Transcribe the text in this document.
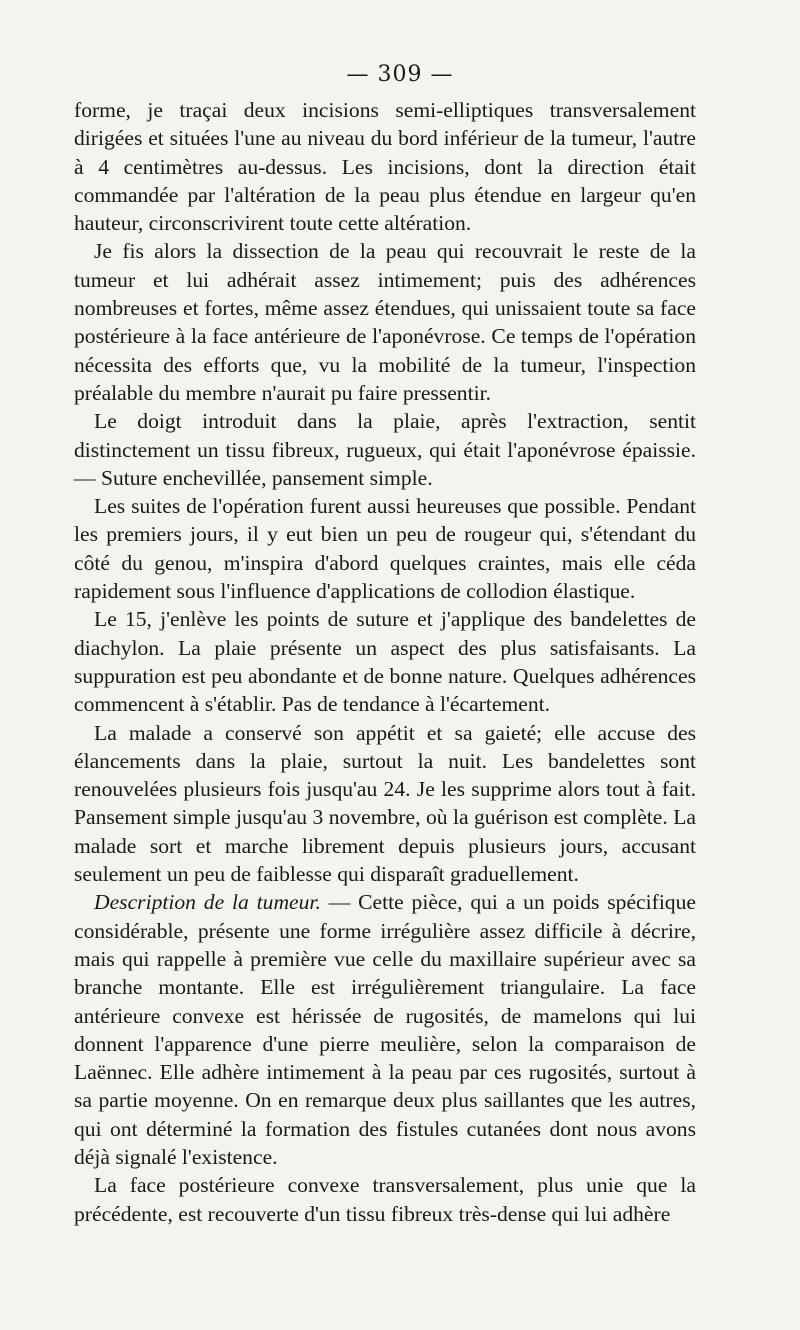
— 309 —

forme, je traçai deux incisions semi-elliptiques transversalement dirigées et situées l'une au niveau du bord inférieur de la tumeur, l'autre à 4 centimètres au-dessus. Les incisions, dont la direction était commandée par l'altération de la peau plus étendue en largeur qu'en hauteur, circonscrivirent toute cette altération.

Je fis alors la dissection de la peau qui recouvrait le reste de la tumeur et lui adhérait assez intimement; puis des adhérences nombreuses et fortes, même assez étendues, qui unissaient toute sa face postérieure à la face antérieure de l'aponévrose. Ce temps de l'opération nécessita des efforts que, vu la mobilité de la tumeur, l'inspection préalable du membre n'aurait pu faire pressentir.

Le doigt introduit dans la plaie, après l'extraction, sentit distinctement un tissu fibreux, rugueux, qui était l'aponévrose épaissie. — Suture enchevillée, pansement simple.

Les suites de l'opération furent aussi heureuses que possible. Pendant les premiers jours, il y eut bien un peu de rougeur qui, s'étendant du côté du genou, m'inspira d'abord quelques craintes, mais elle céda rapidement sous l'influence d'applications de collodion élastique.

Le 15, j'enlève les points de suture et j'applique des bandelettes de diachylon. La plaie présente un aspect des plus satisfaisants. La suppuration est peu abondante et de bonne nature. Quelques adhérences commencent à s'établir. Pas de tendance à l'écartement.

La malade a conservé son appétit et sa gaieté; elle accuse des élancements dans la plaie, surtout la nuit. Les bandelettes sont renouvelées plusieurs fois jusqu'au 24. Je les supprime alors tout à fait. Pansement simple jusqu'au 3 novembre, où la guérison est complète. La malade sort et marche librement depuis plusieurs jours, accusant seulement un peu de faiblesse qui disparaît graduellement.

Description de la tumeur. — Cette pièce, qui a un poids spécifique considérable, présente une forme irrégulière assez difficile à décrire, mais qui rappelle à première vue celle du maxillaire supérieur avec sa branche montante. Elle est irrégulièrement triangulaire. La face antérieure convexe est hérissée de rugosités, de mamelons qui lui donnent l'apparence d'une pierre meulière, selon la comparaison de Laënnec. Elle adhère intimement à la peau par ces rugosités, surtout à sa partie moyenne. On en remarque deux plus saillantes que les autres, qui ont déterminé la formation des fistules cutanées dont nous avons déjà signalé l'existence.

La face postérieure convexe transversalement, plus unie que la précédente, est recouverte d'un tissu fibreux très-dense qui lui adhère
